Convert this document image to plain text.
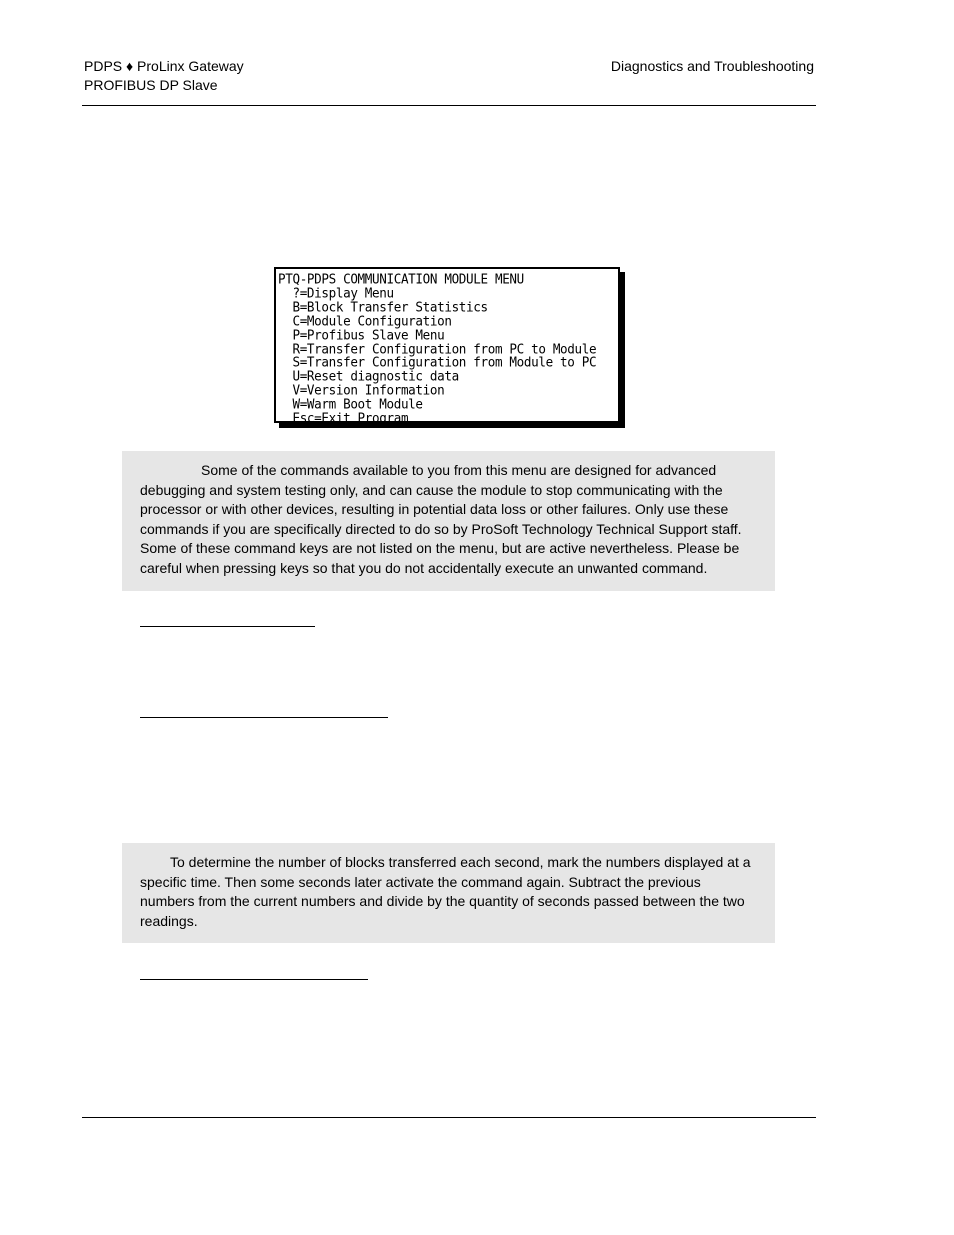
PDPS ♦ ProLinx Gateway
PROFIBUS DP Slave
Diagnostics and Troubleshooting
PTQ-PDPS COMMUNICATION MODULE MENU
?=Display Menu
B=Block Transfer Statistics
C=Module Configuration
P=Profibus Slave Menu
R=Transfer Configuration from PC to Module
S=Transfer Configuration from Module to PC
U=Reset diagnostic data
V=Version Information
W=Warm Boot Module
Esc=Exit Program
Some of the commands available to you from this menu are designed for advanced debugging and system testing only, and can cause the module to stop communicating with the processor or with other devices, resulting in potential data loss or other failures. Only use these commands if you are specifically directed to do so by ProSoft Technology Technical Support staff. Some of these command keys are not listed on the menu, but are active nevertheless. Please be careful when pressing keys so that you do not accidentally execute an unwanted command.
To determine the number of blocks transferred each second, mark the numbers displayed at a specific time. Then some seconds later activate the command again. Subtract the previous numbers from the current numbers and divide by the quantity of seconds passed between the two readings.
